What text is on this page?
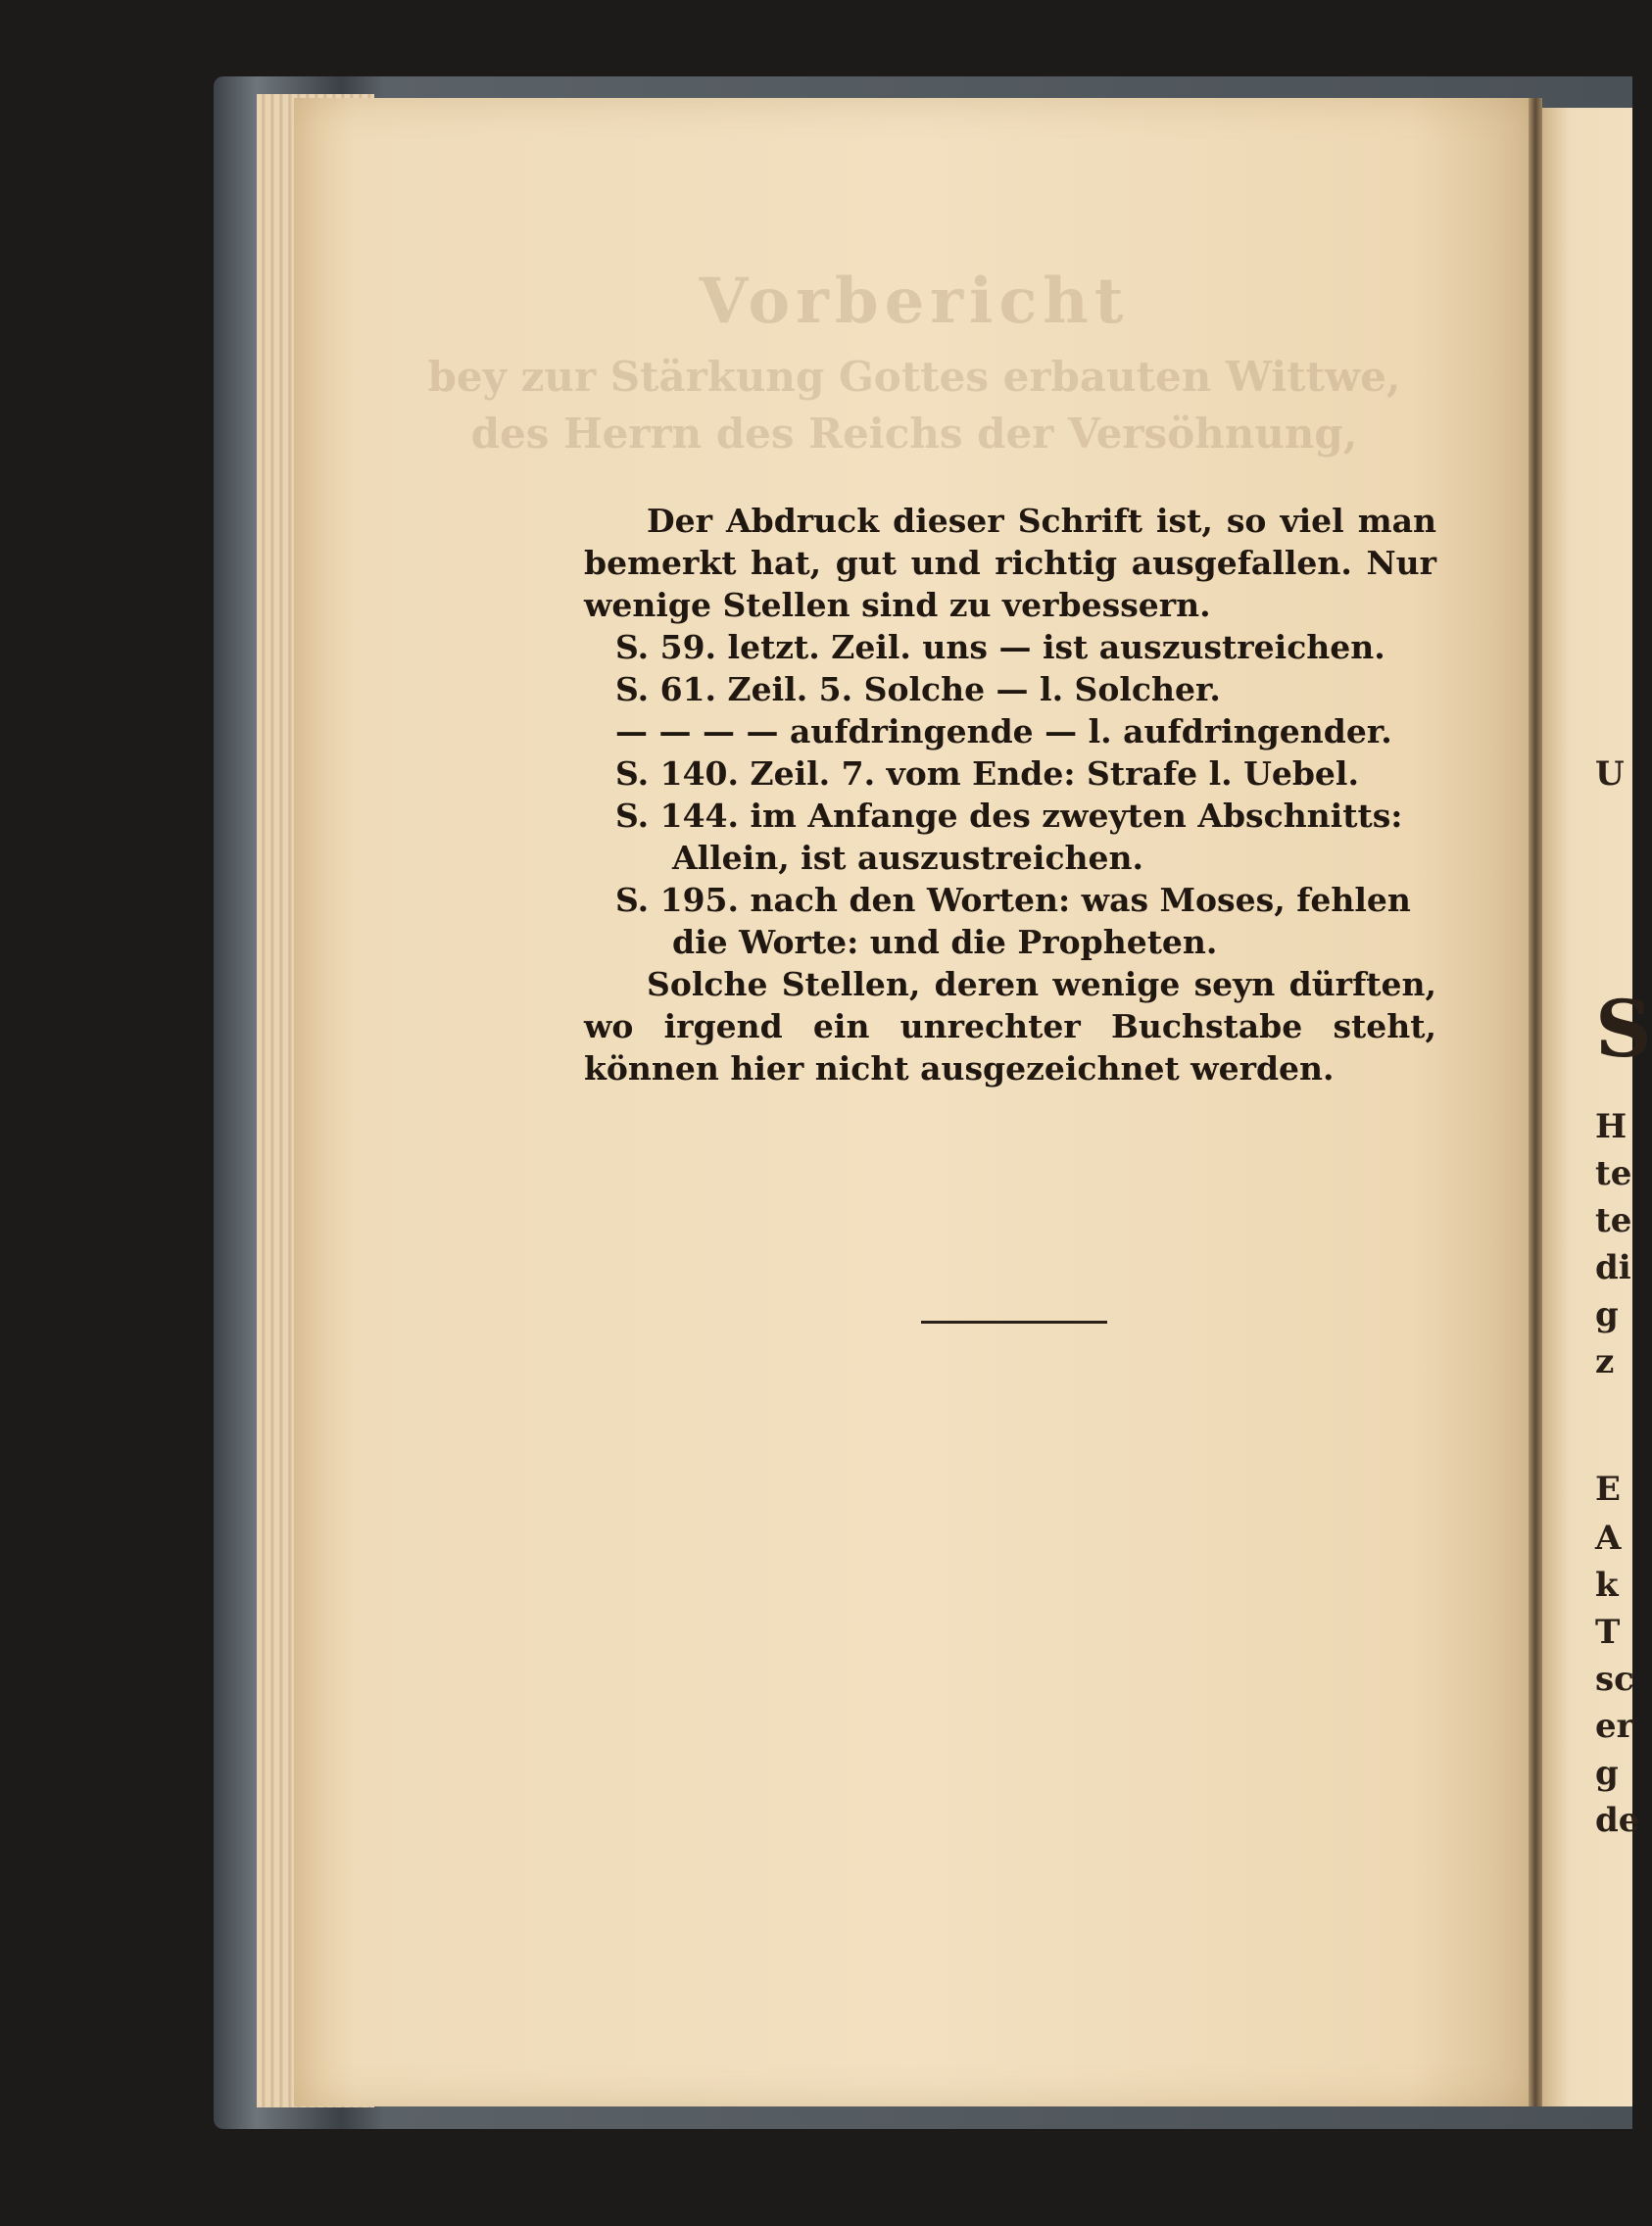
Vorbericht
bey zur Stärkung Gottes erbauten Wittwe,
des Herrn des Reichs der Versöhnung,

Der Abdruck dieser Schrift ist, so viel man bemerkt hat, gut und richtig ausgefallen. Nur wenige Stellen sind zu verbessern.

S. 59. letzt. Zeil. uns — ist auszustreichen.

S. 61. Zeil. 5. Solche — l. Solcher.

— — — — aufdringende — l. aufdringender.

S. 140. Zeil. 7. vom Ende: Strafe l. Uebel.

S. 144. im Anfange des zweyten Abschnitts: Allein, ist auszustreichen.

S. 195. nach den Worten: was Moses, fehlen die Worte: und die Propheten.

Solche Stellen, deren wenige seyn dürften, wo irgend ein unrechter Buchstabe steht, können hier nicht ausgezeichnet werden.

U
S
H
te
te
di
g
z
E
A
k
T
sc
er
g
de
